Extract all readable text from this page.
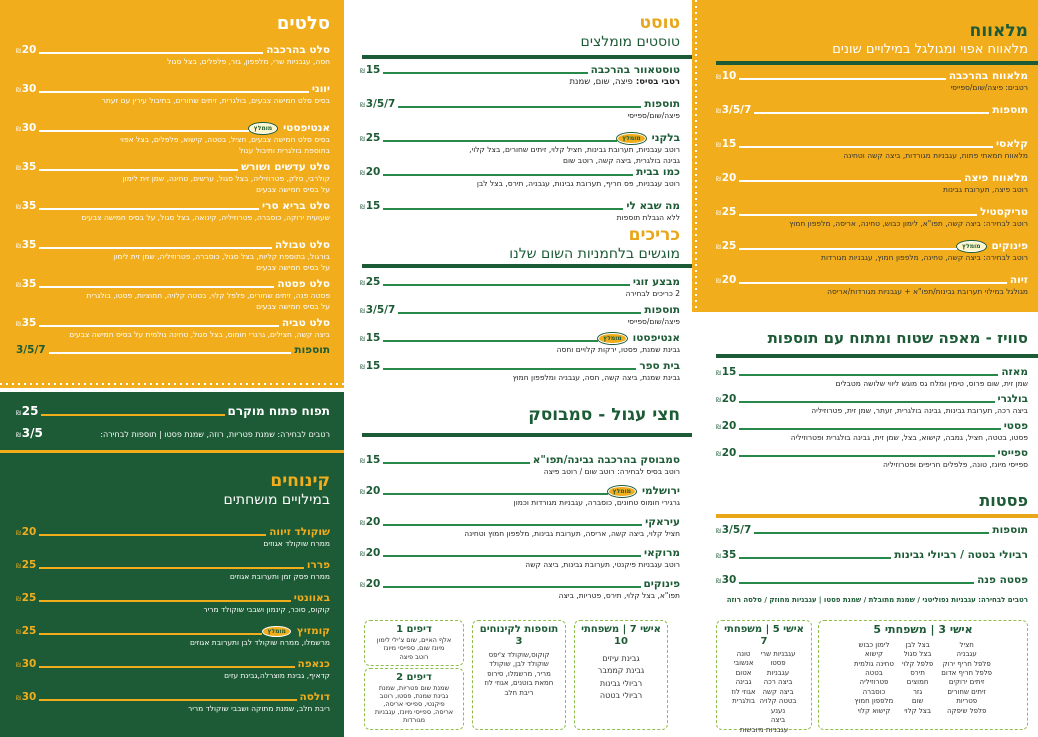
סלטים
סלט בהרכבה
₪20
חסה, עגבניות שרי, מלפפון, גזר, פלפלים, בצל סגול
יווני
₪30
בסיס סלט חמישה צבעים, בולגרית, זיתים שחורים, בתיבול עירין עם זעתר
אנטיפסטי
מומלץ
₪30
בסיס סלט חמישה צבעים, חציל, בטטה, קישוא, פלפלים, בצל אפוי
בתוספת בולגרית ותיבול עגול
סלט עדשים ושורש
₪35
קולרבי, סלק, פטרוזיליה, בצל סגול, ערשים, טחינה, שמן זית לימון
על בסיס חמישה צבעים
סלט בריא סרי
₪35
שעועית ירוקה, כוסברה, פטרוזיליה, קינואה, בצל סגול, על בסיס חמישה צבעים
סלט טבולה
₪35
בורגול, בתוספת קליות, בצל סגול, כוסברה, פטרוזיליה, שמן זית לימון
על בסיס חמישה צבעים
סלט פסטה
₪35
פסטה פנה, זיתים שחורים, פלפל קלוי, בטטה קלויה, חמוציות, פסטו, בולגרית
על בסיס חמישה צבעים
סלט טביה
₪35
ביצה קשה, חצילים, גרגרי חומוס, בצל סגול, טחינה גולמית על בסיס חמישה צבעים
תוספות
3/5/7
תפוח פתוח מוקרם
₪25
רטבים לבחירה: שמנת פטריות, רוזה, שמנת פסטו | תוספות לבחירה:
₪3/5
קינוחים
במילויים מושחתים
שוקולד זיווה
₪20
ממרח שוקולד אגוזים
פררו
₪25
ממרח פסק זמן ותערובת אגוזים
באוונטי
₪25
קוקוס, סוכר, קינמון ושבבי שוקולד מריר
קומזיץ
מומלץ
₪25
מרשמלו, ממרח שוקולד לבן ותערובת אגוזים
כנאפה
₪30
קדאיף, גבינת מוצרלה,גבינת עזים
דולסה
₪30
ריבת חלב, שמנת מתוקה ושבבי שוקולד מריר
טוסט
טוסטים מומלצים
טוסטאוור בהרכבה
₪15
רטבי בסיס: פיצה, שום, שמנת
תוספות
₪3/5/7
פיצה/שום/ספייסי
בלקני
מומלץ
₪25
רוטב עגבניות, תערובת גבינות, חציל קלוי, זיתים שחורים, בצל קלוי,
גבינה בולגרית, ביצה קשה, רוטב שום
כמו בבית
₪20
רוטב עגבניות, פס חריף, תערובת גבינות, עגבניה, תירס, בצל לבן
מה שבא לי
₪15
ללא הגבלת תוספות
כריכים
מוגשים בלחמניות השום שלנו
מבצע זוגי
₪25
2 כריכים לבחירה
תוספות
₪3/5/7
פיצה/שום/ספייסי
אנטיפסטו
מומלץ
₪15
גבינת שמנת, פסטו, ירקות קלויים וחסה
בית ספר
₪15
גבינת שמנת, ביצה קשה, חסה, עגבניה ומלפפון חמוץ
חצי עגול - סמבוסק
סמבוסק בהרכבה גבינה/תפו"א
₪15
רוטב בסיס לבחירה: רוטב שום / רוטב פיצה
ירושלמי
מומלץ
₪20
גרגירי חומוס טחונים, כוסברה, עגבניות מגורדות וכמון
עיראקי
₪20
חציל קלוי, ביצה קשה, אריסה, תערובת גבינות, מלפפון חמוץ וטחינה
מרוקאי
₪20
רוטב עגבניות פיקנטי, תערובת גבינות, ביצה קשה
פינוקים
₪20
תפו"א, בצל קלוי, תירס, פטריות, ביצה
מלאווח
מלאווח אפוי ומגולגל במילויים שונים
מלאווח בהרכבה
₪10
רטבים: פיצה/שום/ספייסי
תוספות
₪3/5/7
קלאסי
₪15
מלאווח חמאתי פתוח, עגבניות מגורדות, ביצה קשה וטחינה
מלאווח פיצה
₪20
רוטב פיצה, תערובת גבינות
טריקסטיל
₪25
רוטב לבחירה: ביצה קשה, תפו"א, לימון כבוש, טחינה, אריסה, מלפפון חמוץ
פינוקים
מומלץ
₪25
רוטב לבחירה: ביצה קשה, טחינה, מלפפון חמוץ, עגבניות מגורדות
זיוה
₪20
מגולגל במילוי תערובת גבינות/תפו"א + עגבניות מגורדות/אריסה
סוויז - מאפה שטוח ומתוח עם תוספות
מאזה
₪15
שמן זית, שום פרוס, טימין ומלח גס מוגש ליווי שלושה מטבלים
בולגרי
₪20
ביצה רכה, תערובת גבינות, גבינה בולגרית, זעתר, שמן זית, פטרוזיליה
פסטי
₪20
פסטו, בטטה, חציל, גמבה, קישוא, בצל, שמן זית, גבינה בולגרית ופטרוזיליה
ספייסי
₪20
ספייסי מיונז, טונה, פלפלים חריפים ופטרוזיליה
פסטות
תוספות
₪3/5/7
רביולי בטטה / רביולי גבינות
₪35
פסטה פנה
₪30
רטבים לבחירה: עגבניות נפוליטני / שמנת מתובלת / שמנת פסטו | עגבניות מחוזק / סלסה רוזה
אישי 3 | משפחתי 5
חציל
עגבניה
פלפל חריף ירוק
פלפל חריף אדום
זיתים ירוקים
זיתים שחורים
פטריות
פלפל שיפקה
בצל לבן
בצל סגול
פלפל קלוי
תירס
חמוצים
גזר
שום
בצל קלוי
לימון כבוש
קישוא
טחינה גולמית
בטטה
פטרוזיליה
כוסברה
מלפפון חמוץ
קישוא קלוי
אישי 5 | משפחתי 7
עגבניות שרי
פסטו
עגבניות
ביצה רכה
ביצה קשה
בטטה קלויה
נענע
ביצה
טונה
אנשובי
אטום
גבינה
אגוזי לוז
בולגרית
עגבניות מיובשות
אישי 7 | משפחתי 10
גבינת עיזים
גבינת קממבר
רביולי גבינות
רביולי בטטה
תוספות לקינוחים 3
קוקוס,שוקולד צ'יפס
שוקולד לבן, שוקולד
מריר, מרשמלו, סירופ
חמאת בוטנים, אגוזי לוז
ריבת חלב
דיפים 1
אלף האיים, שום צ'ילי לימון
מיונז שום, ספייסי מיונז
רוטב פיצה
דיפים 2
שמנת שום פטריות, שמנת
גבינת שמנת, פסטו, רוטב
פיקנטי, ספייסי אריסה,
אריסה, ספייסי מיונז, עגבניות
מגורדות
